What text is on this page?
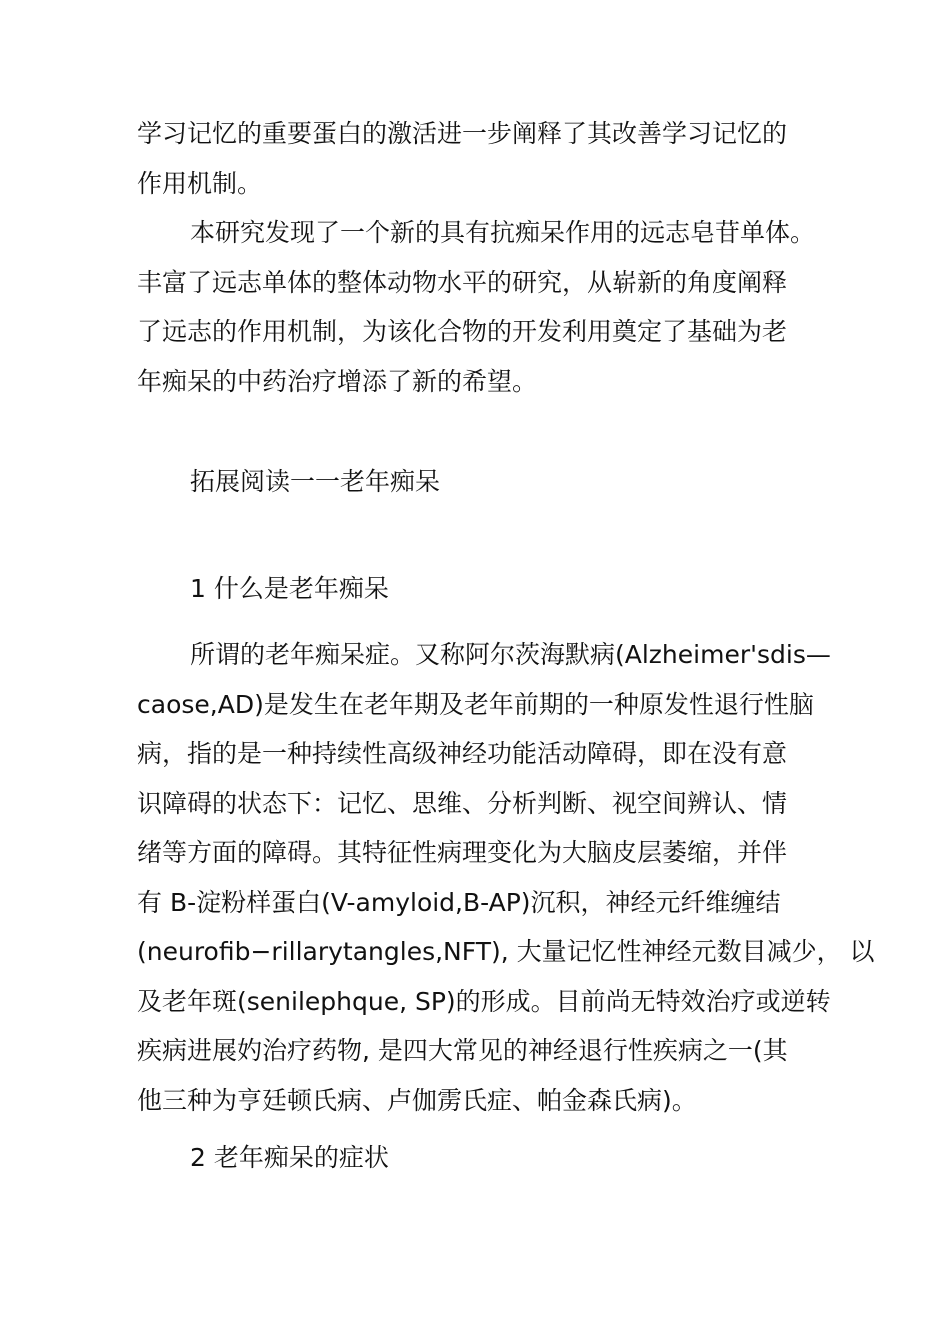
学习记忆的重要蛋白的激活进一步阐释了其改善学习记忆的
作用机制。

本研究发现了一个新的具有抗痴呆作用的远志皂苷单体。
丰富了远志单体的整体动物水平的研究，从崭新的角度阐释
了远志的作用机制，为该化合物的开发利用奠定了基础为老
年痴呆的中药治疗增添了新的希望。

拓展阅读一一老年痴呆

1 什么是老年痴呆

所谓的老年痴呆症。又称阿尔茨海默病(Alzheimer'sdis—
caose,AD)是发生在老年期及老年前期的一种原发性退行性脑
病，指的是一种持续性高级神经功能活动障碍，即在没有意
识障碍的状态下：记忆、思维、分析判断、视空间辨认、情
绪等方面的障碍。其特征性病理变化为大脑皮层萎缩，并伴
有 B-淀粉样蛋白(V-amyloid,B-AP)沉积，神经元纤维缠结
(neurofib−rillarytangles,NFT), 大量记忆性神经元数目减少， 以
及老年斑(senilephque, SP)的形成。目前尚无特效治疗或逆转
疾病进展妁治疗药物, 是四大常见的神经退行性疾病之一(其
他三种为亨廷顿氏病、卢伽雳氏症、帕金森氏病)。

2 老年痴呆的症状
